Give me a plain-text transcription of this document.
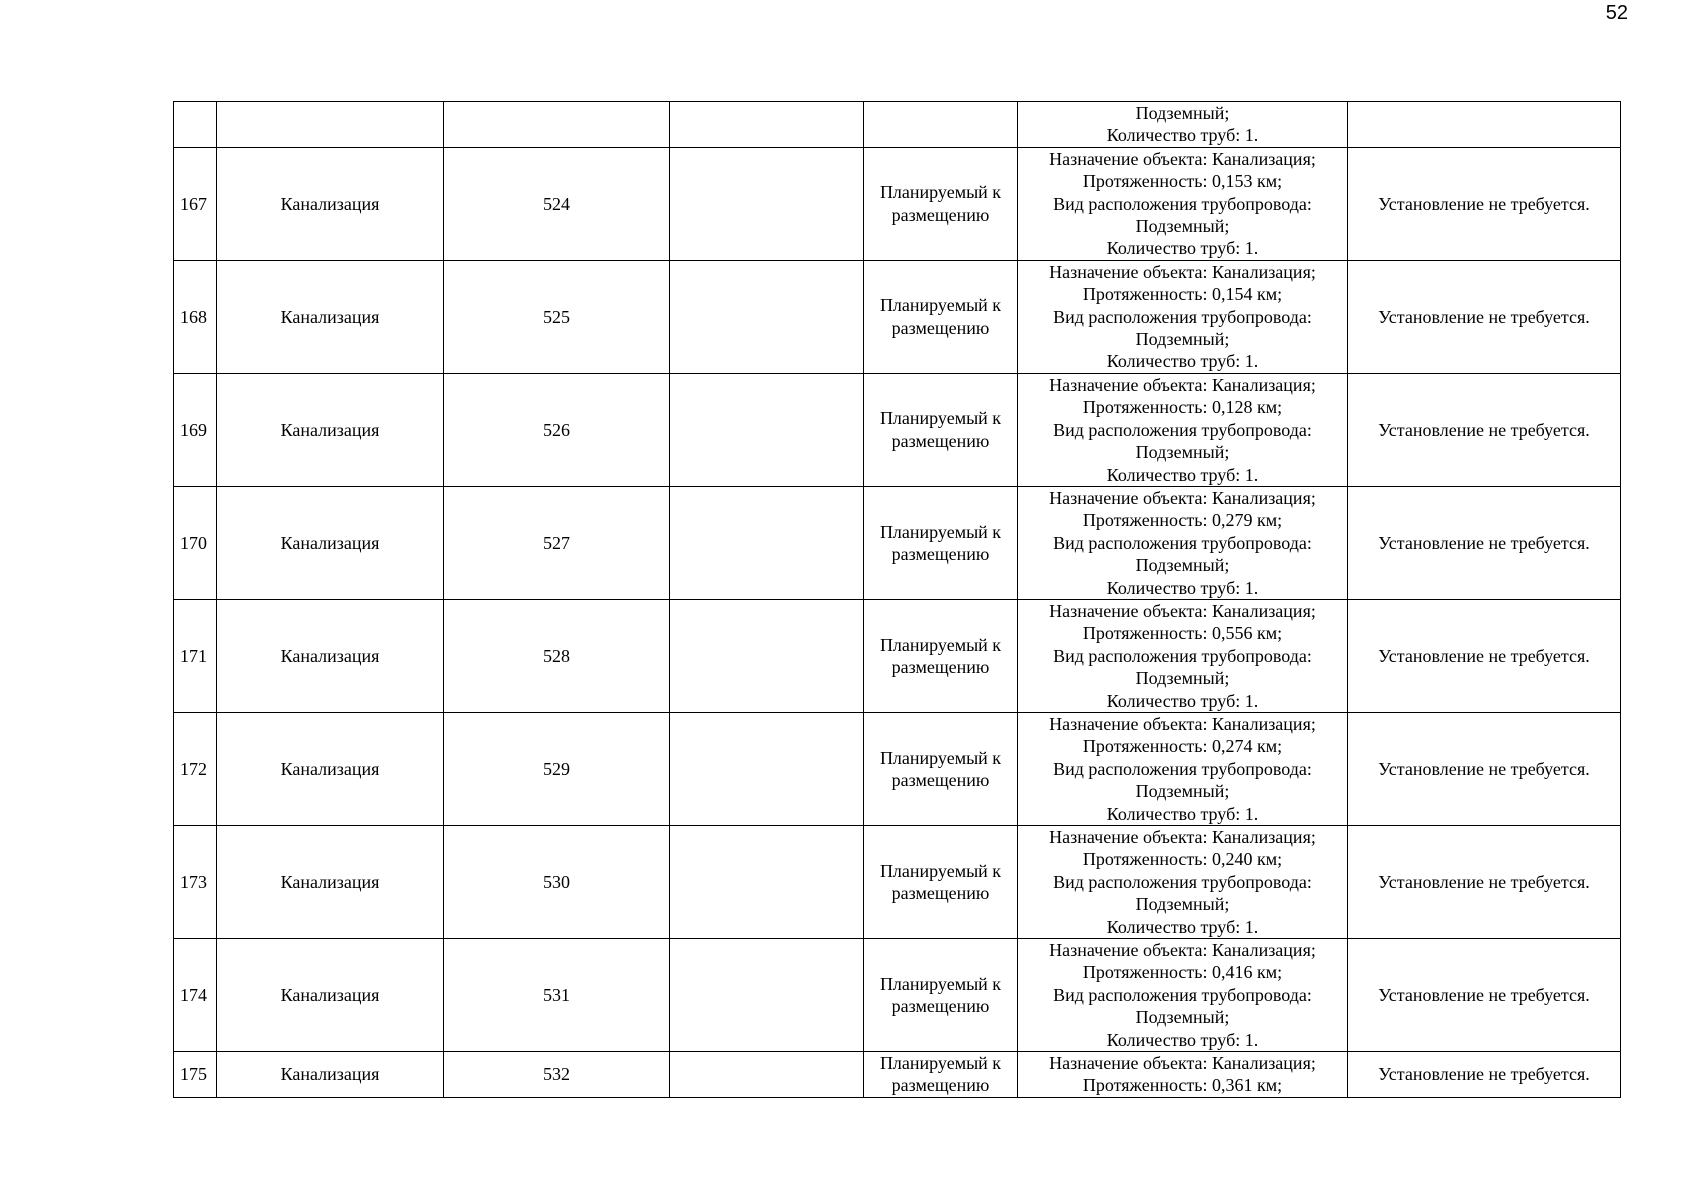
52

					Подземный;
Количество труб: 1.	

167	Канализация	524		Планируемый к
размещению	Назначение объекта: Канализация;
Протяженность: 0,153 км;
Вид расположения трубопровода:
Подземный;
Количество труб: 1.	Установление не требуется.
168	Канализация	525		Планируемый к
размещению	Назначение объекта: Канализация;
Протяженность: 0,154 км;
Вид расположения трубопровода:
Подземный;
Количество труб: 1.	Установление не требуется.
169	Канализация	526		Планируемый к
размещению	Назначение объекта: Канализация;
Протяженность: 0,128 км;
Вид расположения трубопровода:
Подземный;
Количество труб: 1.	Установление не требуется.
170	Канализация	527		Планируемый к
размещению	Назначение объекта: Канализация;
Протяженность: 0,279 км;
Вид расположения трубопровода:
Подземный;
Количество труб: 1.	Установление не требуется.
171	Канализация	528		Планируемый к
размещению	Назначение объекта: Канализация;
Протяженность: 0,556 км;
Вид расположения трубопровода:
Подземный;
Количество труб: 1.	Установление не требуется.
172	Канализация	529		Планируемый к
размещению	Назначение объекта: Канализация;
Протяженность: 0,274 км;
Вид расположения трубопровода:
Подземный;
Количество труб: 1.	Установление не требуется.
173	Канализация	530		Планируемый к
размещению	Назначение объекта: Канализация;
Протяженность: 0,240 км;
Вид расположения трубопровода:
Подземный;
Количество труб: 1.	Установление не требуется.
174	Канализация	531		Планируемый к
размещению	Назначение объекта: Канализация;
Протяженность: 0,416 км;
Вид расположения трубопровода:
Подземный;
Количество труб: 1.	Установление не требуется.
175	Канализация	532		Планируемый к
размещению	Назначение объекта: Канализация;
Протяженность: 0,361 км;	Установление не требуется.
